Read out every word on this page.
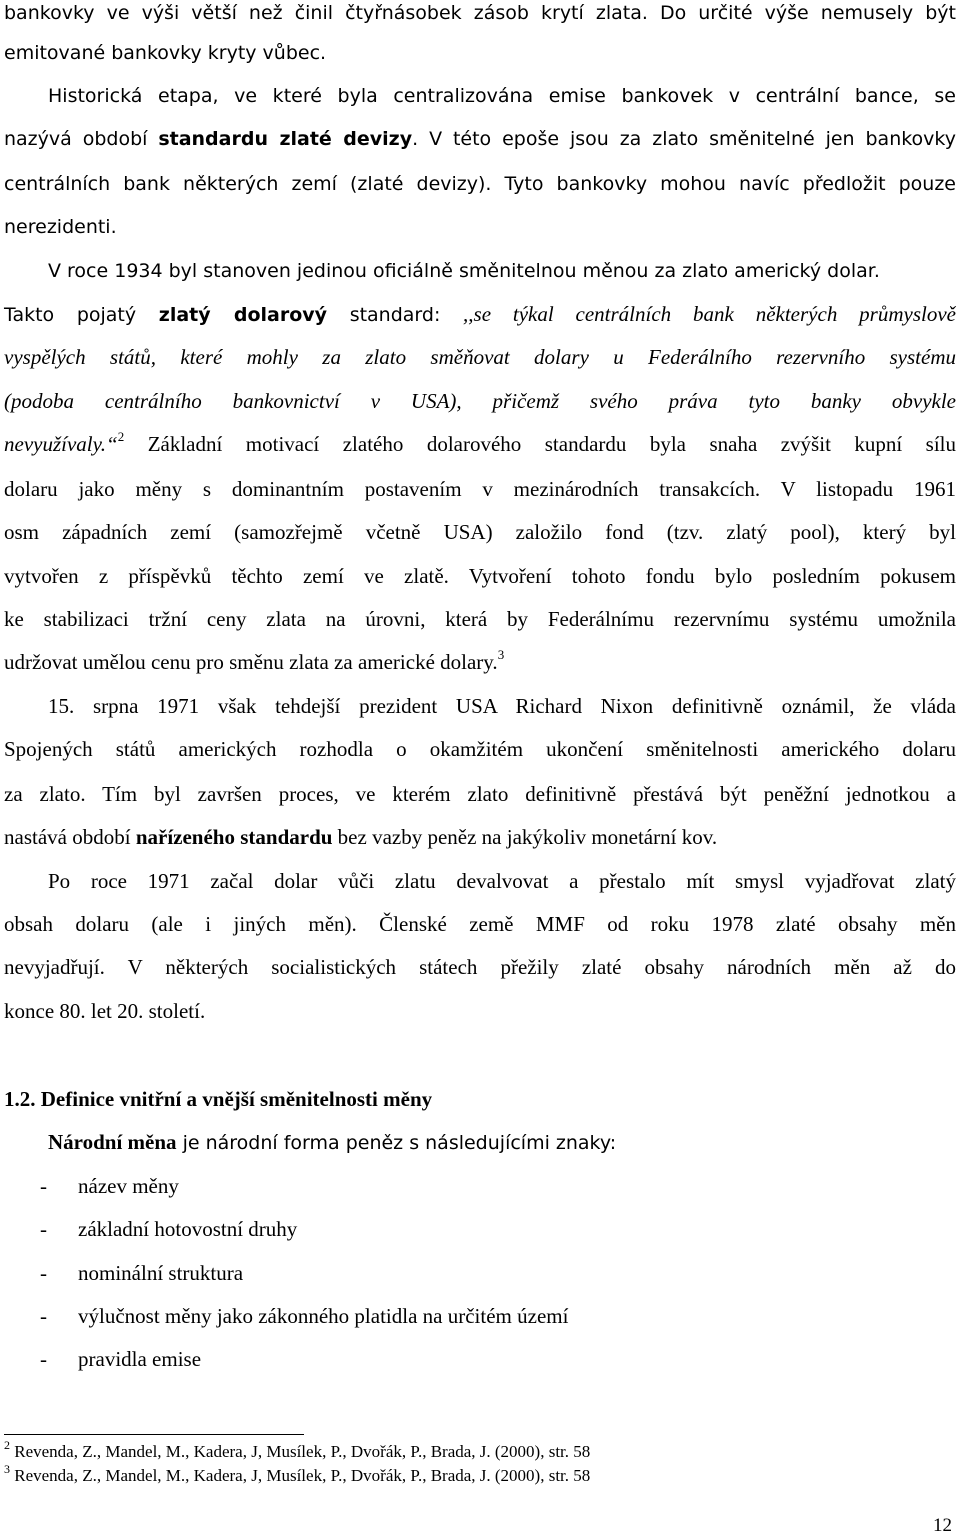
bankovky ve výši větší než činil čtyřnásobek zásob krytí zlata. Do určité výše nemusely být
emitované bankovky kryty vůbec.
Historická etapa, ve které byla centralizována emise bankovek v centrální bance, se
nazývá období standardu zlaté devizy. V této epoše jsou za zlato směnitelné jen bankovky
centrálních bank některých zemí (zlaté devizy). Tyto bankovky mohou navíc předložit pouze
nerezidenti.
V roce 1934 byl stanoven jedinou oficiálně směnitelnou měnou za zlato americký dolar.
Takto pojatý zlatý dolarový standard: ,,se týkal centrálních bank některých průmyslově
vyspělých států, které mohly za zlato směňovat dolary u Federálního rezervního systému
(podoba centrálního bankovnictví v USA), přičemž svého práva tyto banky obvykle
nevyužívaly.“$^2$ Základní motivací zlatého dolarového standardu byla snaha zvýšit kupní sílu
dolaru jako měny s dominantním postavením v mezinárodních transakcích. V listopadu 1961
osm západních zemí (samozřejmě včetně USA) založilo fond (tzv. zlatý pool), který byl
vytvořen z příspěvků těchto zemí ve zlatě. Vytvoření tohoto fondu bylo posledním pokusem
ke stabilizaci tržní ceny zlata na úrovni, která by Federálnímu rezervnímu systému umožnila
udržovat umělou cenu pro směnu zlata za americké dolary.$^3$
15. srpna 1971 však tehdejší prezident USA Richard Nixon definitivně oznámil, že vláda
Spojených států amerických rozhodla o okamžitém ukončení směnitelnosti amerického dolaru
za zlato. Tím byl završen proces, ve kterém zlato definitivně přestává být peněžní jednotkou a
nastává období nařízeného standardu bez vazby peněz na jakýkoliv monetární kov.
Po roce 1971 začal dolar vůči zlatu devalvovat a přestalo mít smysl vyjadřovat zlatý
obsah dolaru (ale i jiných měn). Členské země MMF od roku 1978 zlaté obsahy měn
nevyjadřují. V některých socialistických státech přežily zlaté obsahy národních měn až do
konce 80. let 20. století.
1.2. Definice vnitřní a vnější směnitelnosti měny
Národní měna je národní forma peněz s následujícími znaky:
- název měny
- základní hotovostní druhy
- nominální struktura
- výlučnost měny jako zákonného platidla na určitém území
- pravidla emise
$^2$ Revenda, Z., Mandel, M., Kadera, J, Musílek, P., Dvořák, P., Brada, J. (2000), str. 58
$^3$ Revenda, Z., Mandel, M., Kadera, J, Musílek, P., Dvořák, P., Brada, J. (2000), str. 58
12
